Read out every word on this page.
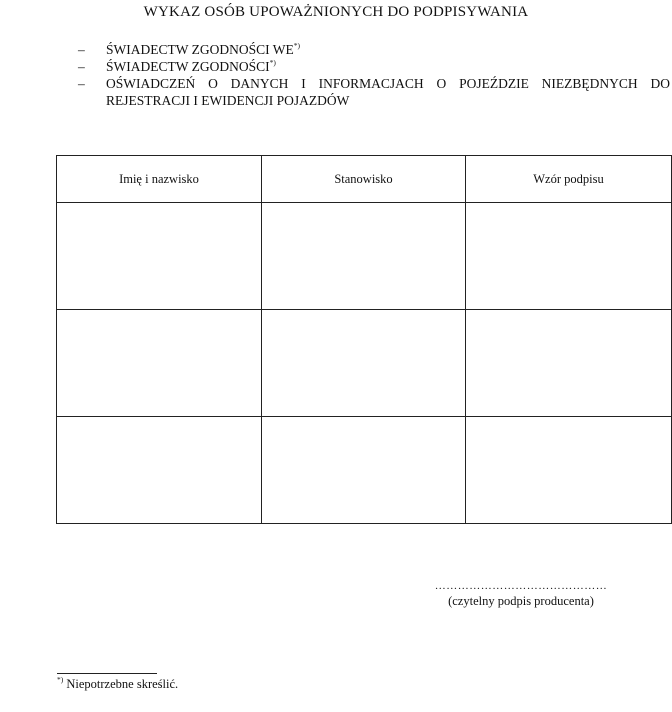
WYKAZ OSÓB UPOWAŻNIONYCH DO PODPISYWANIA
– ŚWIADECTW ZGODNOŚCI WE*)
– ŚWIADECTW ZGODNOŚCI*)
– OŚWIADCZEŃ O DANYCH I INFORMACJACH O POJEŹDZIE NIEZBĘDNYCH DO
REJESTRACJI I EWIDENCJI POJAZDÓW
Imię i nazwisko	Stanowisko	Wzór podpisu

………………………………………
(czytelny podpis producenta)
*) Niepotrzebne skreślić.
